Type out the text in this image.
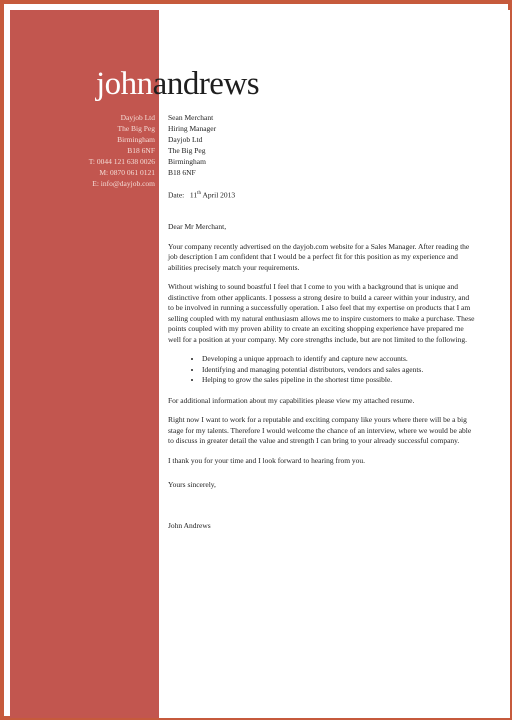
johnandrews
Dayjob Ltd
The Big Peg
Birmingham
B18 6NF
T: 0044 121 638 0026
M: 0870 061 0121
E: info@dayjob.com
Sean Merchant
Hiring Manager
Dayjob Ltd
The Big Peg
Birmingham
B18 6NF
Date: 11th April 2013

Dear Mr Merchant,

Your company recently advertised on the dayjob.com website for a Sales Manager. After reading the job description I am confident that I would be a perfect fit for this position as my experience and abilities precisely match your requirements.

Without wishing to sound boastful I feel that I come to you with a background that is unique and distinctive from other applicants. I possess a strong desire to build a career within your industry, and to be involved in running a successfully operation. I also feel that my expertise on products that I am selling coupled with my natural enthusiasm allows me to inspire customers to make a purchase. These points coupled with my proven ability to create an exciting shopping experience have prepared me well for a position at your company. My core strengths include, but are not limited to the following.

• Developing a unique approach to identify and capture new accounts.
• Identifying and managing potential distributors, vendors and sales agents.
• Helping to grow the sales pipeline in the shortest time possible.

For additional information about my capabilities please view my attached resume.

Right now I want to work for a reputable and exciting company like yours where there will be a big stage for my talents. Therefore I would welcome the chance of an interview, where we would be able to discuss in greater detail the value and strength I can bring to your already successful company.

I thank you for your time and I look forward to hearing from you.

Yours sincerely,

John Andrews
